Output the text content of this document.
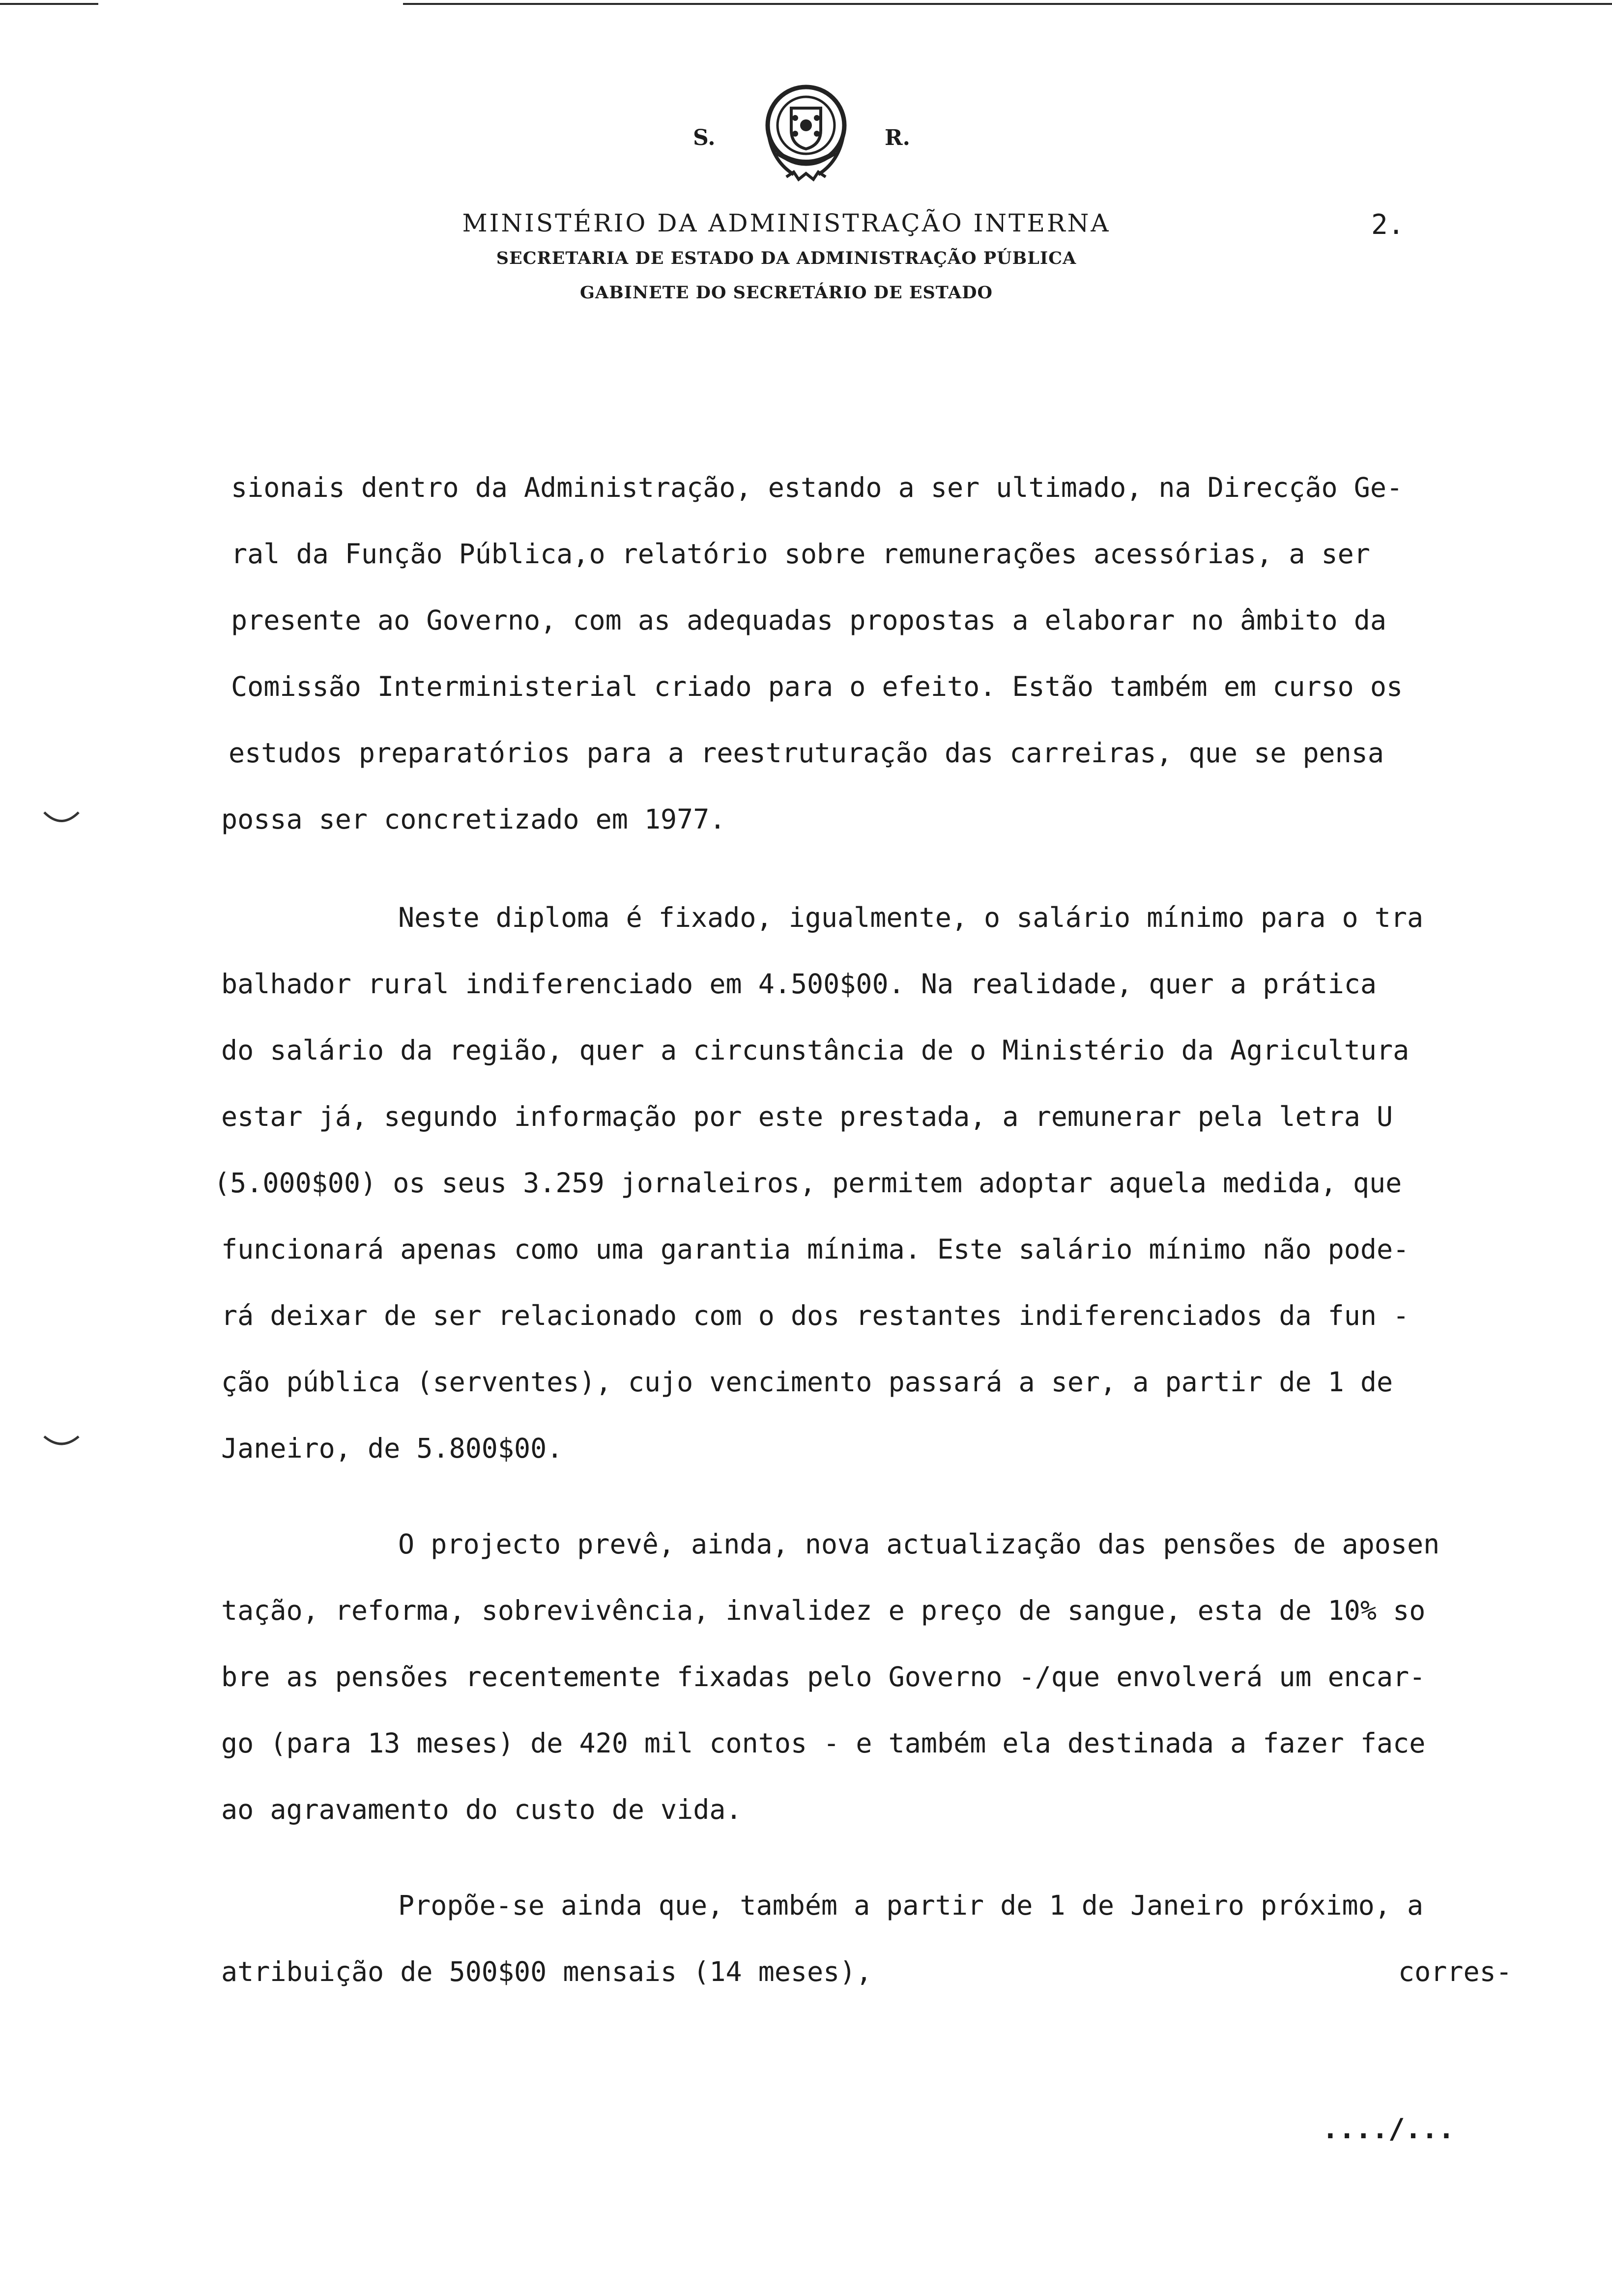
S.	R.
MINISTÉRIO DA ADMINISTRAÇÃO INTERNA
SECRETARIA DE ESTADO DA ADMINISTRAÇÃO PÚBLICA
GABINETE DO SECRETÁRIO DE ESTADO
2.
sionais dentro da Administração, estando a ser ultimado, na Direcção Ge-
ral da Função Pública,o relatório sobre remunerações acessórias, a ser
presente ao Governo, com as adequadas propostas a elaborar no âmbito da
Comissão Interministerial criado para o efeito. Estão também em curso os
estudos preparatórios para a reestruturação das carreiras, que se pensa
possa ser concretizado em 1977.
Neste diploma é fixado, igualmente, o salário mínimo para o tra
balhador rural indiferenciado em 4.500$00. Na realidade, quer a prática
do salário da região, quer a circunstância de o Ministério da Agricultura
estar já, segundo informação por este prestada, a remunerar pela letra U
(5.000$00) os seus 3.259 jornaleiros, permitem adoptar aquela medida, que
funcionará apenas como uma garantia mínima. Este salário mínimo não pode-
rá deixar de ser relacionado com o dos restantes indiferenciados da fun -
ção pública (serventes), cujo vencimento passará a ser, a partir de 1 de
Janeiro, de 5.800$00.
O projecto prevê, ainda, nova actualização das pensões de aposen
tação, reforma, sobrevivência, invalidez e preço de sangue, esta de 10% so
bre as pensões recentemente fixadas pelo Governo -/que envolverá um encar-
go (para 13 meses) de 420 mil contos - e também ela destinada a fazer face
ao agravamento do custo de vida.
Propõe-se ainda que, também a partir de 1 de Janeiro próximo, a
atribuição de 500$00 mensais (14 meses),	corres-
..../...
